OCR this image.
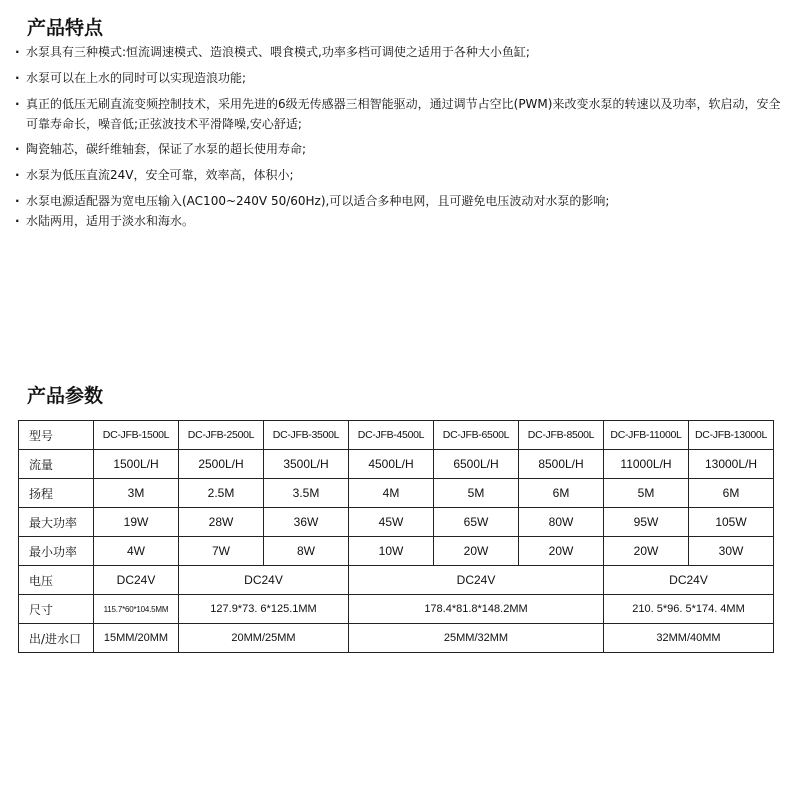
产品特点
· 水泵具有三种模式:恒流调速模式、造浪模式、喂食模式,功率多档可调使之适用于各种大小鱼缸;
· 水泵可以在上水的同时可以实现造浪功能;
· 真正的低压无刷直流变频控制技术，采用先进的6级无传感器三相智能驱动，通过调节占空比(PWM)来改变水泵的转速以及功率，软启动，安全可靠寿命长，噪音低;正弦波技术平滑降噪,安心舒适;
· 陶瓷轴芯，碳纤维轴套，保证了水泵的超长使用寿命;
· 水泵为低压直流24V，安全可靠，效率高，体积小;
· 水泵电源适配器为宽电压输入(AC100~240V 50/60Hz),可以适合多种电网，且可避免电压波动对水泵的影响;
· 水陆两用，适用于淡水和海水。
产品参数
型号	DC-JFB-1500L	DC-JFB-2500L	DC-JFB-3500L	DC-JFB-4500L	DC-JFB-6500L	DC-JFB-8500L	DC-JFB-11000L	DC-JFB-13000L
流量	1500L/H	2500L/H	3500L/H	4500L/H	6500L/H	8500L/H	11000L/H	13000L/H
扬程	3M	2.5M	3.5M	4M	5M	6M	5M	6M
最大功率	19W	28W	36W	45W	65W	80W	95W	105W
最小功率	4W	7W	8W	10W	20W	20W	20W	30W
电压	DC24V	DC24V		DC24V			DC24V	
尺寸	115.7*60*104.5MM	127.9*73. 6*125.1MM		178.4*81.8*148.2MM			210. 5*96. 5*174. 4MM	
出/进水口	15MM/20MM	20MM/25MM		25MM/32MM			32MM/40MM	
